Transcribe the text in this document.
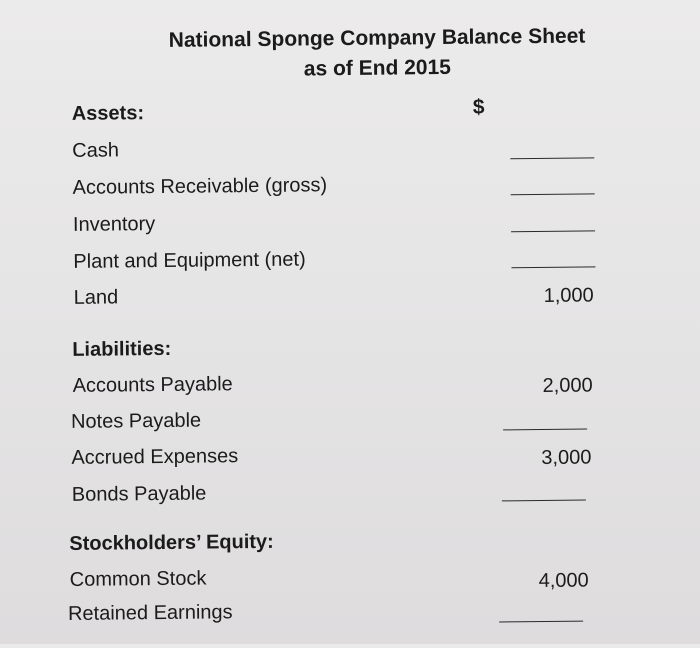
National Sponge Company Balance Sheet
as of End 2015
$
Assets:
Cash
Accounts Receivable (gross)
Inventory
Plant and Equipment (net)
Land	1,000
Liabilities:
Accounts Payable	2,000
Notes Payable
Accrued Expenses	3,000
Bonds Payable
Stockholders’ Equity:
Common Stock	4,000
Retained Earnings
